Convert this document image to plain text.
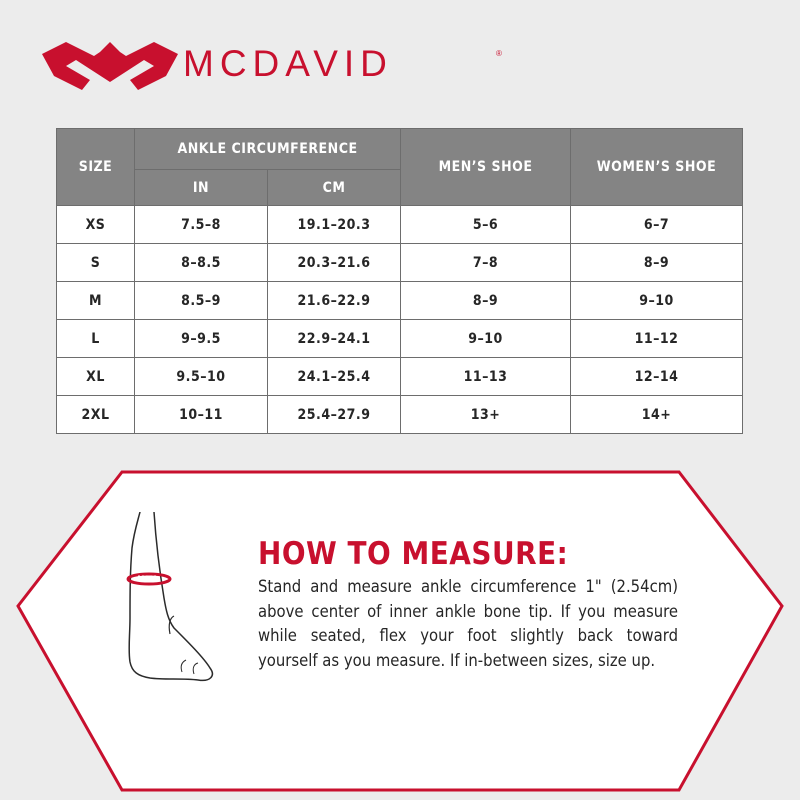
MCDAVID	®
SIZE	ANKLE CIRCUMFERENCE		MEN’S SHOE	WOMEN’S SHOE
	IN	CM		
XS	7.5–8	19.1–20.3	5–6	6–7
S	8–8.5	20.3–21.6	7–8	8–9
M	8.5–9	21.6–22.9	8–9	9–10
L	9–9.5	22.9–24.1	9–10	11–12
XL	9.5–10	24.1–25.4	11–13	12–14
2XL	10–11	25.4–27.9	13+	14+
HOW TO MEASURE:

Stand and measure ankle circumference 1" (2.54cm) above center of inner ankle bone tip. If you measure while seated, flex your foot slightly back toward yourself as you measure. If in-between sizes, size up.
